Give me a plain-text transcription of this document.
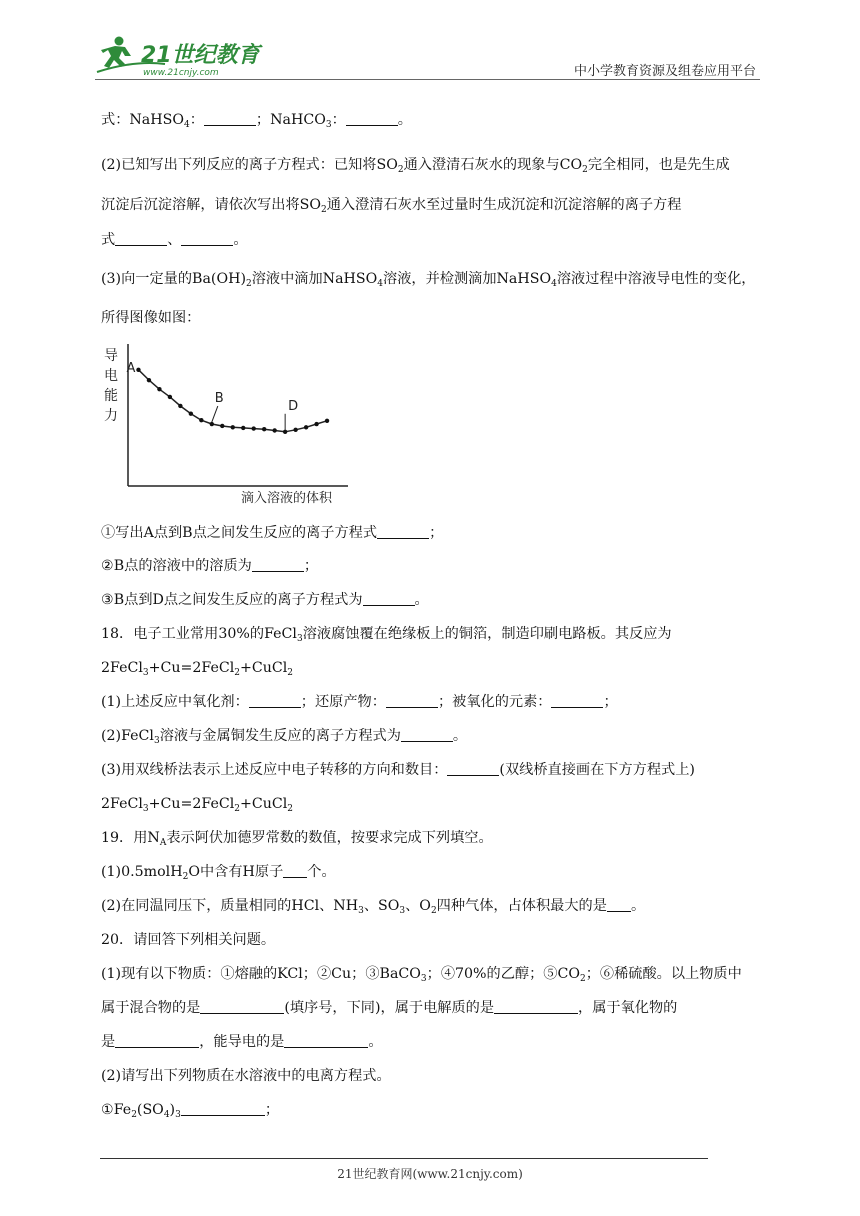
21世纪教育
www.21cnjy.com	中小学教育资源及组卷应用平台
式：NaHSO$_4$：	；NaHCO$_3$：	。
(2)已知写出下列反应的离子方程式：已知将$SO_2$通入澄清石灰水的现象与$CO_2$完全相同，也是先生成
沉淀后沉淀溶解，请依次写出将$SO_2$通入澄清石灰水至过量时生成沉淀和沉淀溶解的离子方程
式	、	。
(3)向一定量的$Ba(OH)_2$溶液中滴加NaHSO$_4$溶液，并检测滴加NaHSO$_4$溶液过程中溶液导电性的变化，
所得图像如图：
导
电
能
力
滴入溶液的体积
A
B
D
①写出A点到B点之间发生反应的离子方程式	；
②B点的溶液中的溶质为	；
③B点到D点之间发生反应的离子方程式为	。
18．电子工业常用30%的FeCl$_3$溶液腐蚀覆在绝缘板上的铜箔，制造印刷电路板。其反应为
2FeCl$_3$+Cu=2FeCl$_2$+CuCl$_2$
(1)上述反应中氧化剂：	；还原产物：	；被氧化的元素：	；
(2)FeCl$_3$溶液与金属铜发生反应的离子方程式为	。
(3)用双线桥法表示上述反应中电子转移的方向和数目：	(双线桥直接画在下方方程式上)
2FeCl$_3$+Cu=2FeCl$_2$+CuCl$_2$
19．用$N_A$表示阿伏加德罗常数的数值，按要求完成下列填空。
(1)0.5molH$_2$O中含有H原子 个。
(2)在同温同压下，质量相同的HCl、$NH_3$、$SO_3$、$O_2$四种气体，占体积最大的是 。
20．请回答下列相关问题。
(1)现有以下物质：①熔融的KCl；②Cu；③BaCO$_3$；④70%的乙醇；$⑤CO_2$；⑥稀硫酸。以上物质中
属于混合物的是	(填序号，下同)，属于电解质的是	，属于氧化物的
是	，能导电的是	。
(2)请写出下列物质在水溶液中的电离方程式。
$①Fe_2(SO_4)_3$	；
21世纪教育网(www.21cnjy.com)
